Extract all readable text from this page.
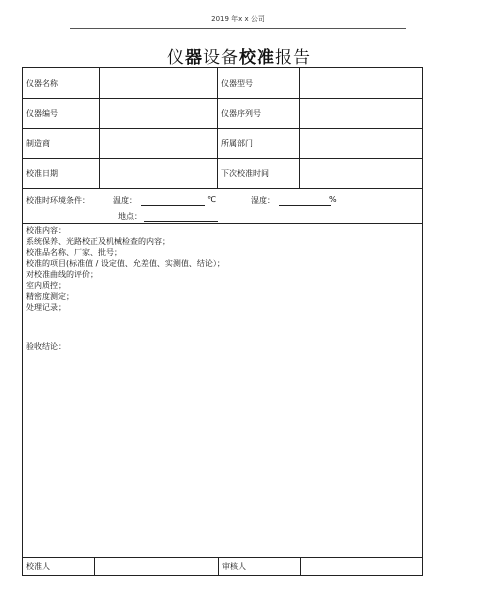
2019 年x x 公司
仪器设备校准报告
仪器名称	仪器型号
仪器编号	仪器序列号
制造商	所属部门
校准日期	下次校准时间
校准时环境条件：	温度：	℃	湿度：	%
地点：
校准内容：
系统保养、光路校正及机械检查的内容；
校准品名称、厂家、批号；
校准的项目(标准值 / 设定值、允差值、实测值、结论）；
对校准曲线的评价；
室内质控；
精密度测定；
处理记录；
验收结论：
校准人	审核人
